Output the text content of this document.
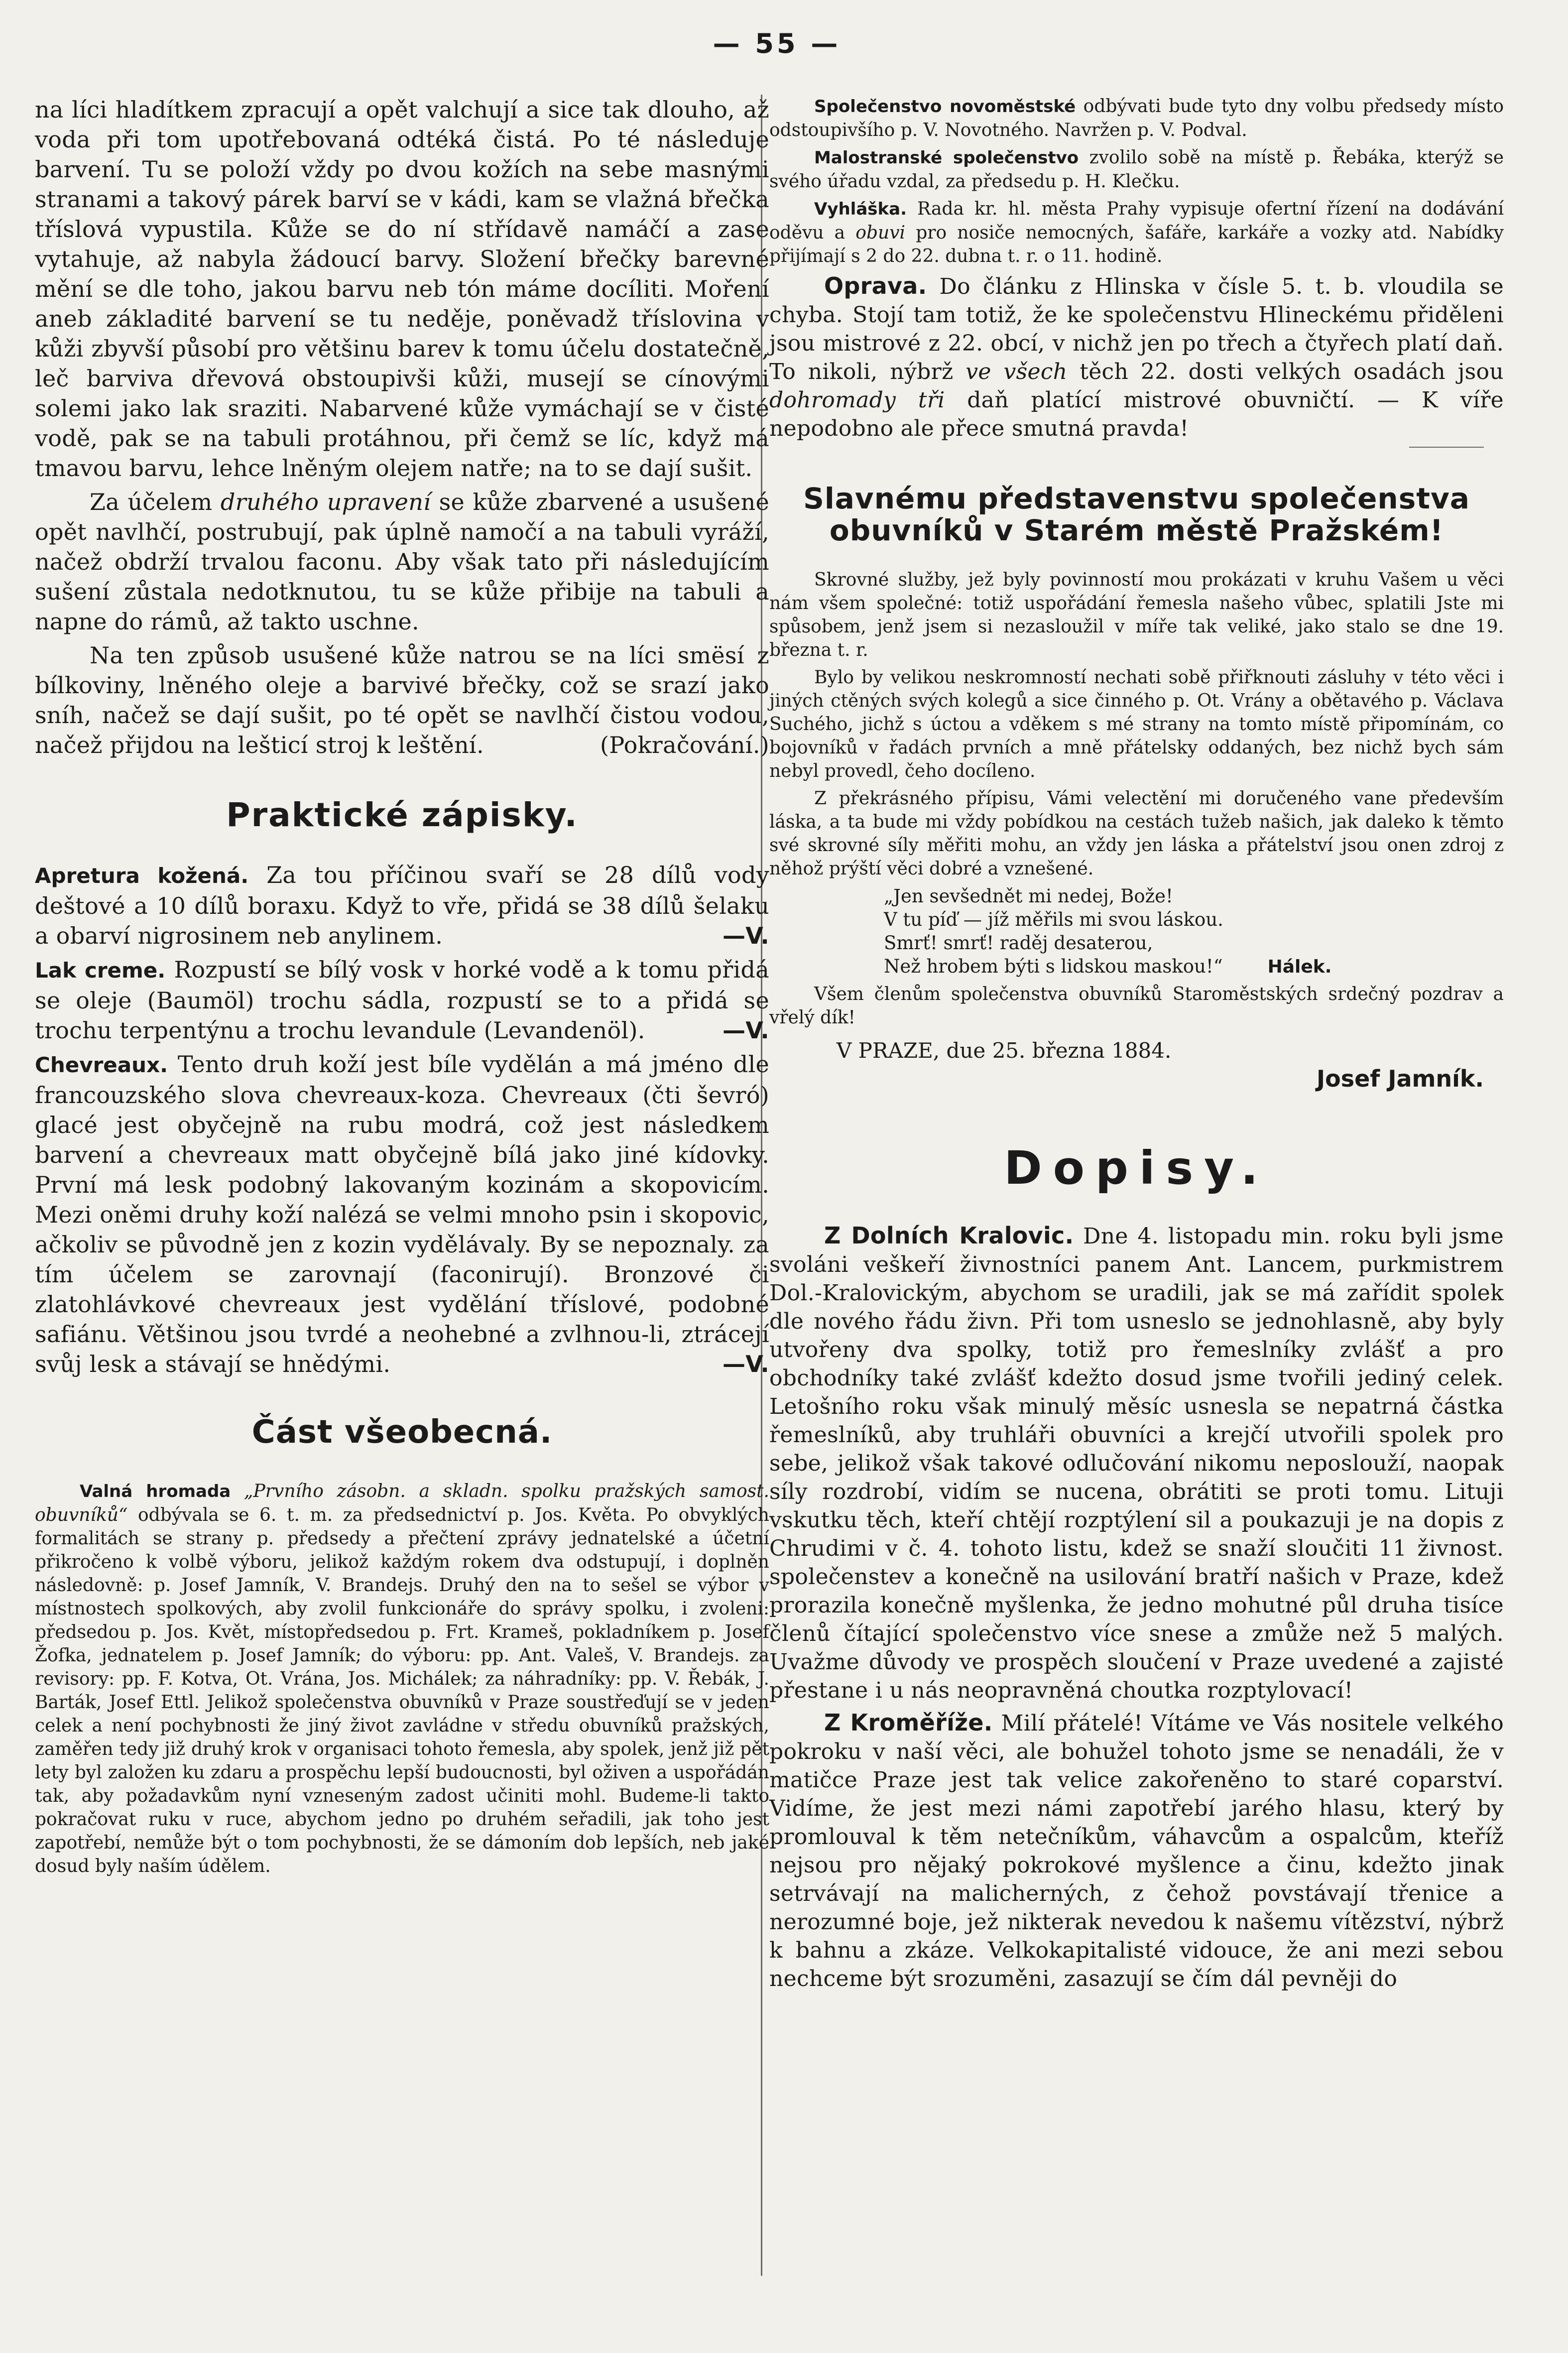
— 55 —

na líci hladítkem zpracují a opět valchují a sice tak dlouho, až voda při tom upotřebovaná odtéká čistá. Po té následuje barvení. Tu se položí vždy po dvou kožích na sebe masnými stranami a takový párek barví se v kádi, kam se vlažná břečka tříslová vypustila. Kůže se do ní střídavě namáčí a zase vytahuje, až nabyla žádoucí barvy. Složení břečky barevné mění se dle toho, jakou barvu neb tón máme docíliti. Moření aneb základité barvení se tu neděje, poněvadž tříslovina v kůži zbyvší působí pro většinu barev k tomu účelu dostatečně, leč barviva dřevová obstoupivši kůži, musejí se cínovými solemi jako lak sraziti. Nabarvené kůže vymáchají se v čisté vodě, pak se na tabuli protáhnou, při čemž se líc, když má tmavou barvu, lehce lněným olejem natře; na to se dají sušit.

Za účelem druhého upravení se kůže zbarvené a usušené opět navlhčí, postrubují, pak úplně namočí a na tabuli vyráží, načež obdrží trvalou faconu. Aby však tato při následujícím sušení zůstala nedotknutou, tu se kůže přibije na tabuli a napne do rámů, až takto uschne.

Na ten způsob usušené kůže natrou se na líci smësí z bílkoviny, lněného oleje a barvivé břečky, což se srazí jako sníh, načež se dají sušit, po té opět se navlhčí čistou vodou, načež přijdou na lešticí stroj k leštění.	(Pokračování.)

Praktické zápisky.

Apretura kožená. Za tou příčinou svaří se 28 dílů vody deštové a 10 dílů boraxu. Když to vře, přidá se 38 dílů šelaku a obarví nigrosinem neb anylinem.	—V.

Lak creme. Rozpustí se bílý vosk v horké vodě a k tomu přidá se oleje (Baumöl) trochu sádla, rozpustí se to a přidá se trochu terpentýnu a trochu levandule (Levandenöl).	—V.

Chevreaux. Tento druh koží jest bíle vydělán a má jméno dle francouzského slova chevreaux-koza. Chevreaux (čti ševró) glacé jest obyčejně na rubu modrá, což jest následkem barvení a chevreaux matt obyčejně bílá jako jiné kídovky. První má lesk podobný lakovaným kozinám a skopovicím. Mezi oněmi druhy koží nalézá se velmi mnoho psin i skopovic, ačkoliv se původně jen z kozin vydělávaly. By se nepoznaly. za tím účelem se zarovnají (faconirují). Bronzové či zlatohlávkové chevreaux jest vydělání tříslové, podobné safiánu. Většinou jsou tvrdé a neohebné a zvlhnou-li, ztrácejí svůj lesk a stávají se hnědými.	—V.

Část všeobecná.

Valná hromada „Prvního zásobn. a skladn. spolku pražských samost. obuvníků“ odbývala se 6. t. m. za předsednictví p. Jos. Květa. Po obvyklých formalitách se strany p. předsedy a přečtení zprávy jednatelské a účetní přikročeno k volbě výboru, jelikož každým rokem dva odstupují, i doplněn následovně: p. Josef Jamník, V. Brandejs. Druhý den na to sešel se výbor v místnostech spolkových, aby zvolil funkcionáře do správy spolku, i zvoleni: předsedou p. Jos. Květ, místopředsedou p. Frt. Krameš, pokladníkem p. Josef Žofka, jednatelem p. Josef Jamník; do výboru: pp. Ant. Valeš, V. Brandejs. za revisory: pp. F. Kotva, Ot. Vrána, Jos. Michálek; za náhradníky: pp. V. Řebák, J. Barták, Josef Ettl. Jelikož společenstva obuvníků v Praze soustřeďují se v jeden celek a není pochybnosti že jiný život zavládne v středu obuvníků pražských, zaměřen tedy již druhý krok v organisaci tohoto řemesla, aby spolek, jenž již pět lety byl založen ku zdaru a prospěchu lepší budoucnosti, byl oživen a uspořádán tak, aby požadavkům nyní vzneseným zadost učiniti mohl. Budeme-li takto pokračovat ruku v ruce, abychom jedno po druhém seřadili, jak toho jest zapotřebí, nemůže být o tom pochybnosti, že se dámoním dob lepších, neb jaké dosud byly naším údělem.

Společenstvo novoměstské odbývati bude tyto dny volbu předsedy místo odstoupivšího p. V. Novotného. Navržen p. V. Podval.

Malostranské společenstvo zvolilo sobě na místě p. Řebáka, kterýž se svého úřadu vzdal, za předsedu p. H. Klečku.

Vyhláška. Rada kr. hl. města Prahy vypisuje ofertní řízení na dodávání oděvu a obuvi pro nosiče nemocných, šafáře, karkáře a vozky atd. Nabídky přijímají s 2 do 22. dubna t. r. o 11. hodině.

Oprava. Do článku z Hlinska v čísle 5. t. b. vloudila se chyba. Stojí tam totiž, že ke společenstvu Hlineckému přiděleni jsou mistrové z 22. obcí, v nichž jen po třech a čtyřech platí daň. To nikoli, nýbrž ve všech těch 22. dosti velkých osadách jsou dohromady tři daň platící mistrové obuvničtí. — K víře nepodobno ale přece smutná pravda!

Slavnému představenstvu společenstva obuvníků v Starém městě Pražském!

Skrovné služby, jež byly povinností mou prokázati v kruhu Vašem u věci nám všem společné: totiž uspořádání řemesla našeho vůbec, splatili Jste mi spůsobem, jenž jsem si nezasloužil v míře tak veliké, jako stalo se dne 19. března t. r.

Bylo by velikou neskromností nechati sobě přiřknouti zásluhy v této věci i jiných ctěných svých kolegů a sice činného p. Ot. Vrány a obětavého p. Václava Suchého, jichž s úctou a vděkem s mé strany na tomto místě připomínám, co bojovníků v řadách prvních a mně přátelsky oddaných, bez nichž bych sám nebyl provedl, čeho docíleno.

Z překrásného přípisu, Vámi velectění mi doručeného vane především láska, a ta bude mi vždy pobídkou na cestách tužeb našich, jak daleko k těmto své skrovné síly měřiti mohu, an vždy jen láska a přátelství jsou onen zdroj z něhož prýští věci dobré a vznešené.

„Jen sevšednět mi nedej, Bože!
V tu píď — jíž měřils mi svou láskou.
Smrť! smrť! raděj desaterou,
Než hrobem býti s lidskou maskou!“	Hálek.

Všem členům společenstva obuvníků Staroměstských srdečný pozdrav a vřelý dík!

V PRAZE, due 25. března 1884.
Josef Jamník.
Dopisy.

Z Dolních Kralovic. Dne 4. listopadu min. roku byli jsme svoláni veškeří živnostníci panem Ant. Lancem, purkmistrem Dol.-Kralovickým, abychom se uradili, jak se má zařídit spolek dle nového řádu živn. Při tom usneslo se jednohlasně, aby byly utvořeny dva spolky, totiž pro řemeslníky zvlášť a pro obchodníky také zvlášť kdežto dosud jsme tvořili jediný celek. Letošního roku však minulý měsíc usnesla se nepatrná částka řemeslníků, aby truhláři obuvníci a krejčí utvořili spolek pro sebe, jelikož však takové odlučování nikomu neposlouží, naopak síly rozdrobí, vidím se nucena, obrátiti se proti tomu. Lituji vskutku těch, kteří chtějí rozptýlení sil a poukazuji je na dopis z Chrudimi v č. 4. tohoto listu, kdež se snaží sloučiti 11 živnost. společenstev a konečně na usilování bratří našich v Praze, kdež prorazila konečně myšlenka, že jedno mohutné půl druha tisíce členů čítající společenstvo více snese a zmůže než 5 malých. Uvažme důvody ve prospěch sloučení v Praze uvedené a zajisté přestane i u nás neopravněná choutka rozptylovací!

Z Kroměříže. Milí přátelé! Vítáme ve Vás nositele velkého pokroku v naší věci, ale bohužel tohoto jsme se nenadáli, že v matičce Praze jest tak velice zakořeněno to staré coparství. Vidíme, že jest mezi námi zapotřebí jarého hlasu, který by promlouval k těm netečníkům, váhavcům a ospalcům, kteříž nejsou pro nějaký pokrokové myšlence a činu, kdežto jinak setrvávají na malicherných, z čehož povstávají třenice a nerozumné boje, jež nikterak nevedou k našemu vítězství, nýbrž k bahnu a zkáze. Velkokapitalisté vidouce, že ani mezi sebou nechceme být srozuměni, zasazují se čím dál pevněji do
